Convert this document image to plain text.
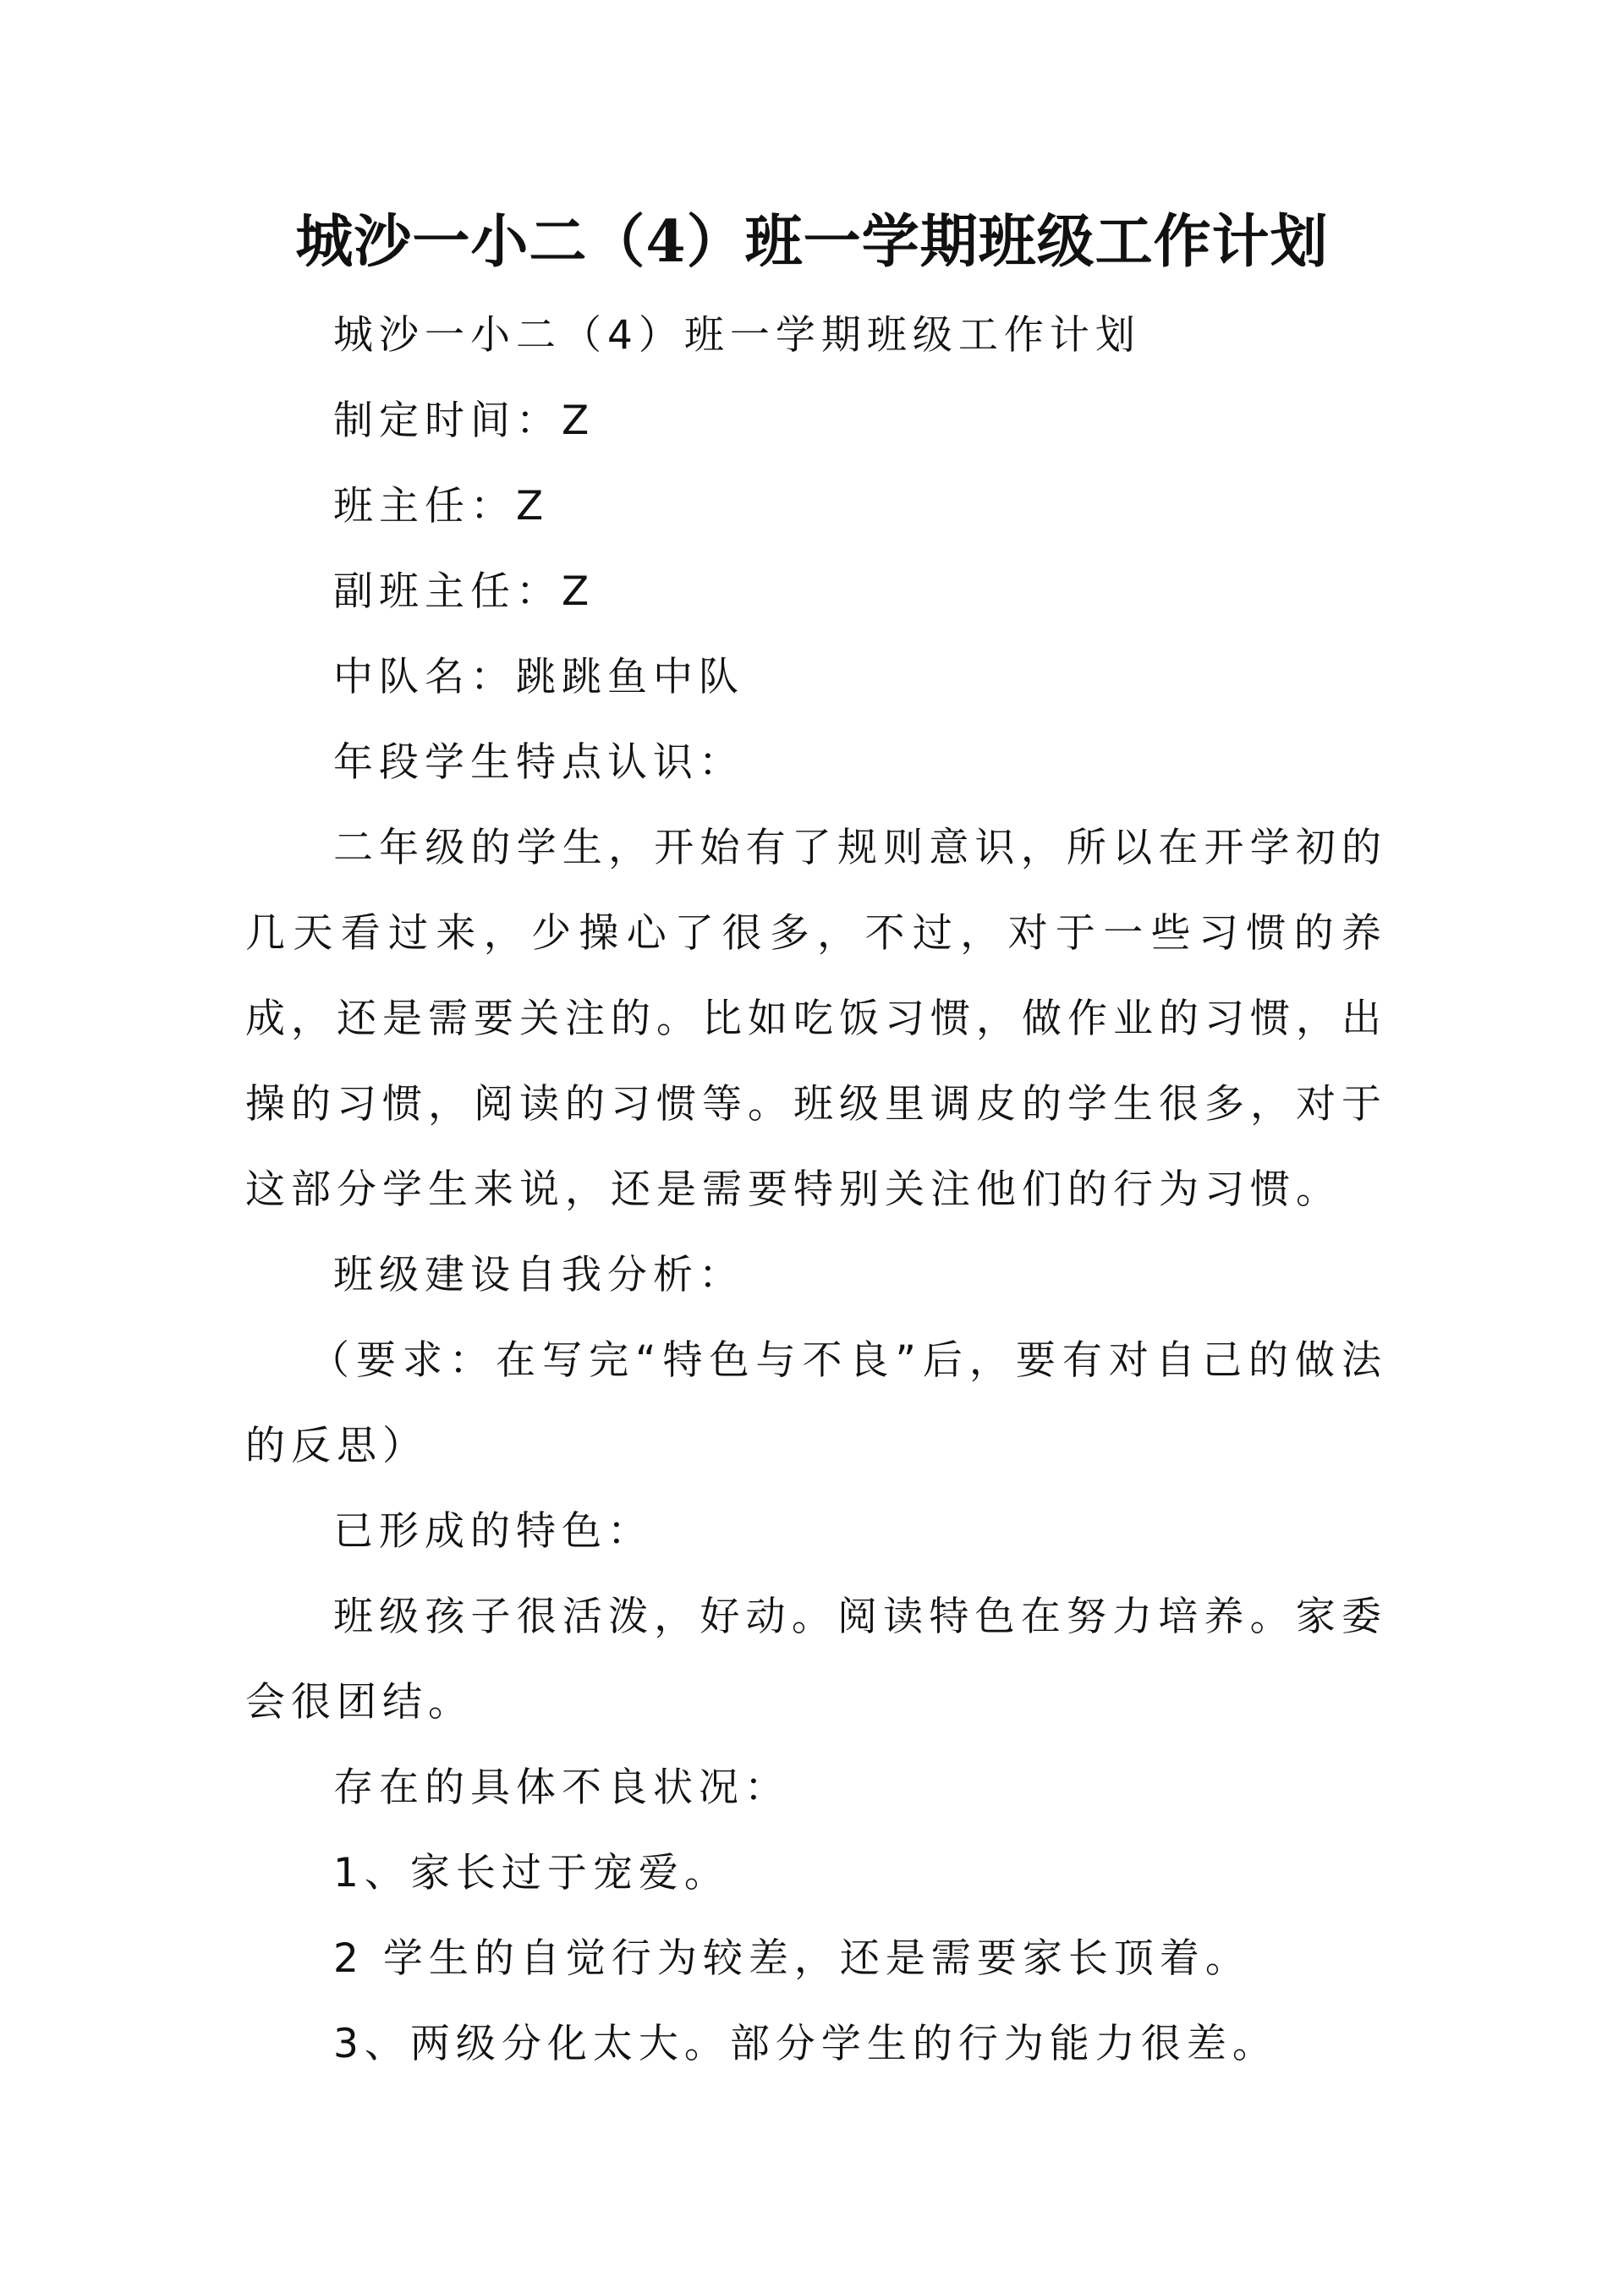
城沙一小二（4）班一学期班级工作计划

城沙一小二（4）班一学期班级工作计划

制定时间：Z

班主任：Z

副班主任：Z

中队名：跳跳鱼中队

年段学生特点认识：

二年级的学生，开始有了规则意识，所以在开学初的几天看过来，少操心了很多，不过，对于一些习惯的养成，还是需要关注的。比如吃饭习惯，做作业的习惯，出操的习惯，阅读的习惯等。班级里调皮的学生很多，对于这部分学生来说，还是需要特别关注他们的行为习惯。

班级建设自我分析：

（要求：在写完“特色与不良”后，要有对自己的做法的反思）

已形成的特色：

班级孩子很活泼，好动。阅读特色在努力培养。家委会很团结。

存在的具体不良状况：

1、家长过于宠爱。

2 学生的自觉行为较差，还是需要家长顶着。

3、两级分化太大。部分学生的行为能力很差。
